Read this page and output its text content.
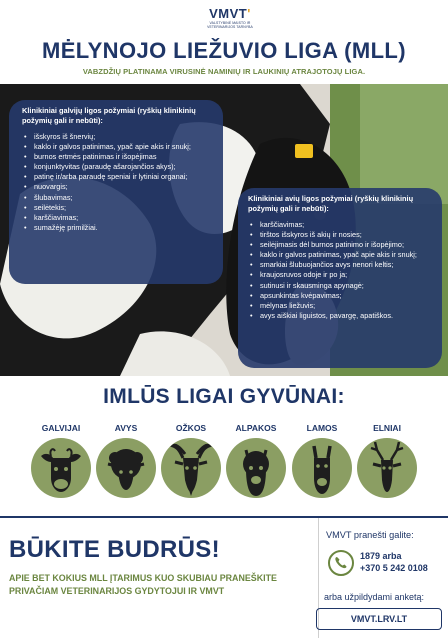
VMVT'
VALSTYBINĖ MAISTO IR VETERINARIJOS TARNYBA
MĖLYNOJO LIEŽUVIO LIGA (MLL)
VABZDŽIŲ PLATINAMA VIRUSINĖ NAMINIŲ IR LAUKINIŲ ATRAJOTOJŲ LIGA.
Klinikiniai galvijų ligos požymiai (ryškių klinikinių požymių gali ir nebūti):
• išskyros iš šnervių;
• kaklo ir galvos patinimas, ypač apie akis ir snukį;
• burnos ertmės patinimas ir išopėjimas
• konjunktyvitas (paraudę ašarojančios akys);
• patinę ir/arba paraudę speniai ir lytiniai organai;
• nuovargis;
• šlubavimas;
• seilėtekis;
• karščiavimas;
• sumažėję primilžiai.
Klinikiniai avių ligos požymiai (ryškių klinikinių požymių gali ir nebūti):
• karščiavimas;
• tirštos išskyros iš akių ir nosies;
• seilėjimasis dėl burnos patinimo ir išopėjimo;
• kaklo ir galvos patinimas, ypač apie akis ir snukį;
• smarkiai šlubuojančios avys nenori keltis;
• kraujosruvos odoje ir po ja;
• sutinusi ir skausminga apynagė;
• apsunkintas kvėpavimas;
• mėlynas liežuvis;
• avys aiškiai liguistos, pavargę, apatiškos.
IMLŪS LIGAI GYVŪNAI:
GALVIJAI	AVYS	OŽKOS	ALPAKOS	LAMOS	ELNIAI
BŪKITE BUDRŪS!
APIE BET KOKIUS MLL ĮTARIMUS KUO SKUBIAU PRANEŠKITE PRIVAČIAM VETERINARIJOS GYDYTOJUI IR VMVT
VMVT pranešti galite:
1879 arba
+370 5 242 0108
arba užpildydami anketą:
VMVT.LRV.LT
